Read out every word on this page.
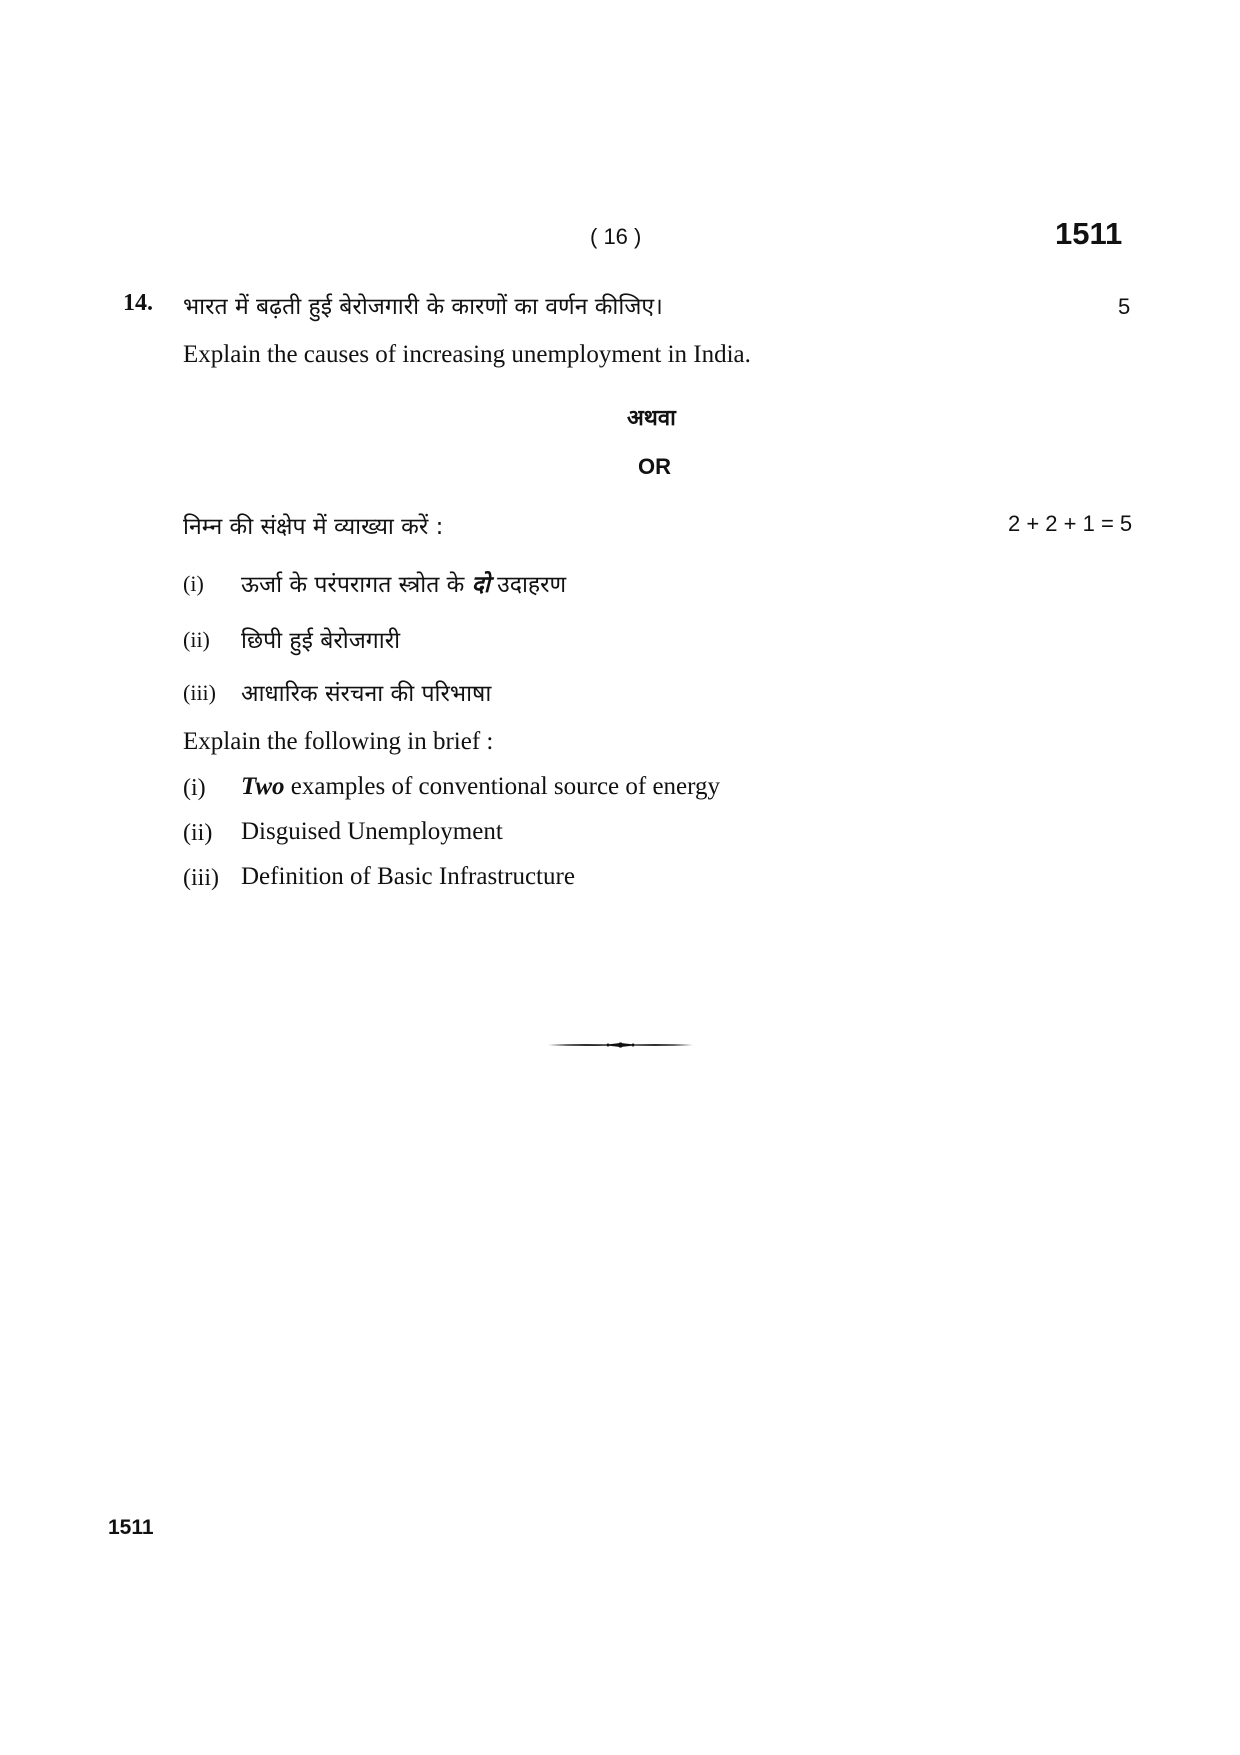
( 16 )	1511
14. भारत में बढ़ती हुई बेरोजगारी के कारणों का वर्णन कीजिए।	5
Explain the causes of increasing unemployment in India.
अथवा
OR
निम्न की संक्षेप में व्याख्या करें :	2 + 2 + 1 = 5
(i) ऊर्जा के परंपरागत स्त्रोत के दो उदाहरण
(ii) छिपी हुई बेरोजगारी
(iii) आधारिक संरचना की परिभाषा
Explain the following in brief :
(i) Two examples of conventional source of energy
(ii) Disguised Unemployment
(iii) Definition of Basic Infrastructure
1511
